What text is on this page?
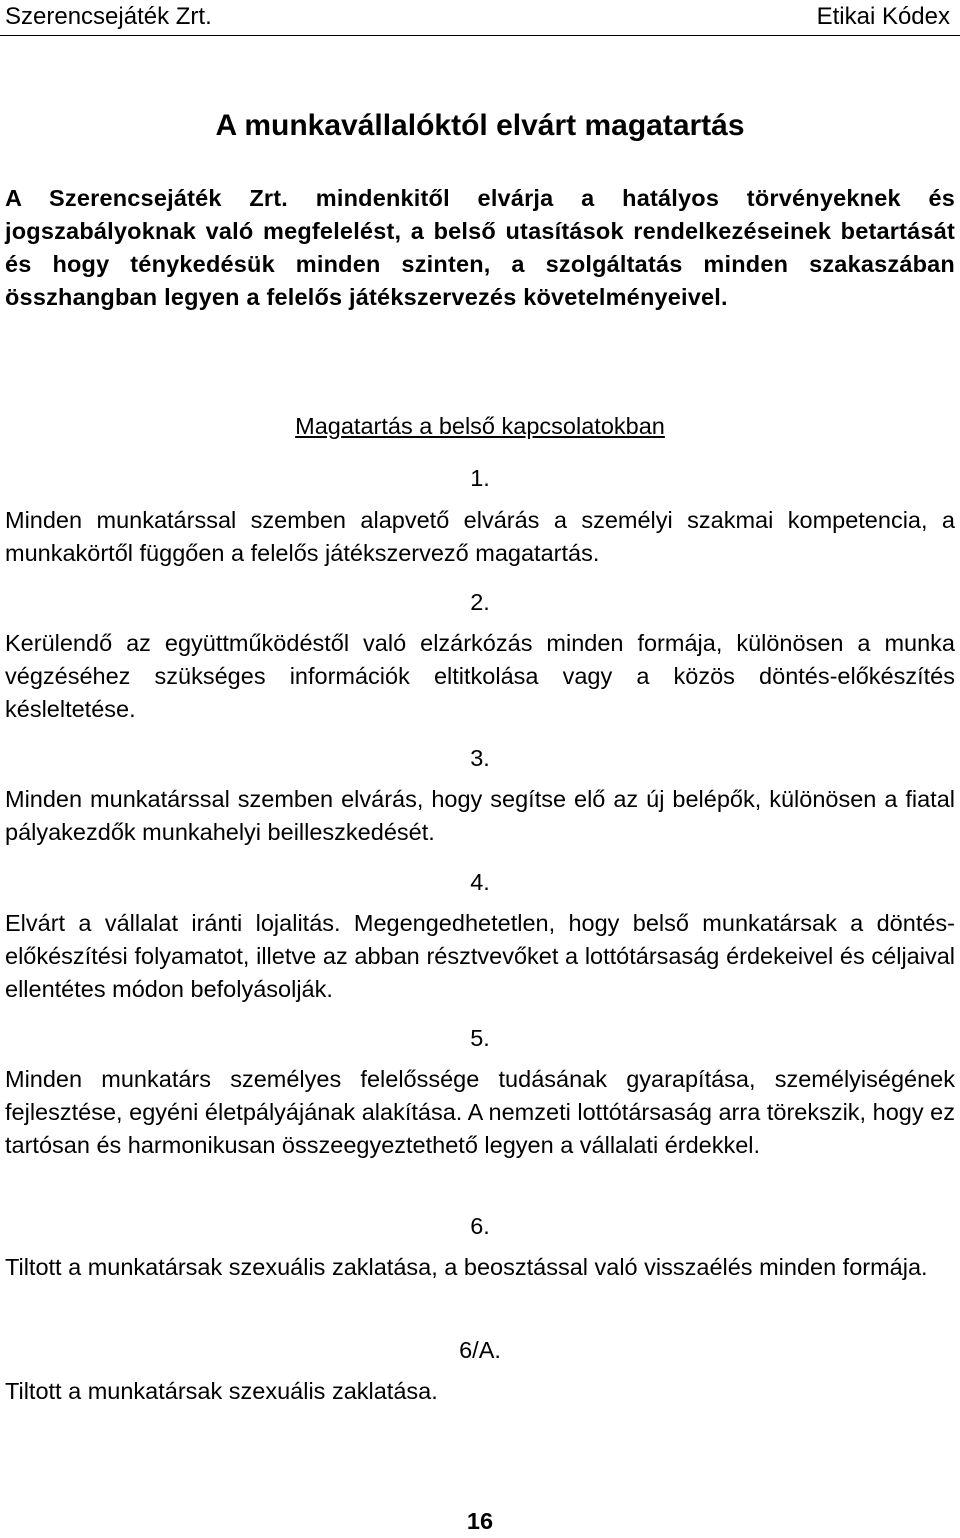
Szerencsejáték Zrt.	Etikai Kódex
A munkavállalóktól elvárt magatartás

A Szerencsejáték Zrt. mindenkitől elvárja a hatályos törvényeknek és jogszabályoknak való megfelelést, a belső utasítások rendelkezéseinek betartását és hogy ténykedésük minden szinten, a szolgáltatás minden szakaszában összhangban legyen a felelős játékszervezés követelményeivel.

Magatartás a belső kapcsolatokban
1.

Minden munkatárssal szemben alapvető elvárás a személyi szakmai kompetencia, a munkakörtől függően a felelős játékszervező magatartás.

2.

Kerülendő az együttműködéstől való elzárkózás minden formája, különösen a munka végzéséhez szükséges információk eltitkolása vagy a közös döntés-előkészítés késleltetése.

3.

Minden munkatárssal szemben elvárás, hogy segítse elő az új belépők, különösen a fiatal pályakezdők munkahelyi beilleszkedését.

4.

Elvárt a vállalat iránti lojalitás. Megengedhetetlen, hogy belső munkatársak a döntés-előkészítési folyamatot, illetve az abban résztvevőket a lottótársaság érdekeivel és céljaival ellentétes módon befolyásolják.

5.

Minden munkatárs személyes felelőssége tudásának gyarapítása, személyiségének fejlesztése, egyéni életpályájának alakítása. A nemzeti lottótársaság arra törekszik, hogy ez tartósan és harmonikusan összeegyeztethető legyen a vállalati érdekkel.

6.

Tiltott a munkatársak szexuális zaklatása, a beosztással való visszaélés minden formája.

6/A.

Tiltott a munkatársak szexuális zaklatása.

16
